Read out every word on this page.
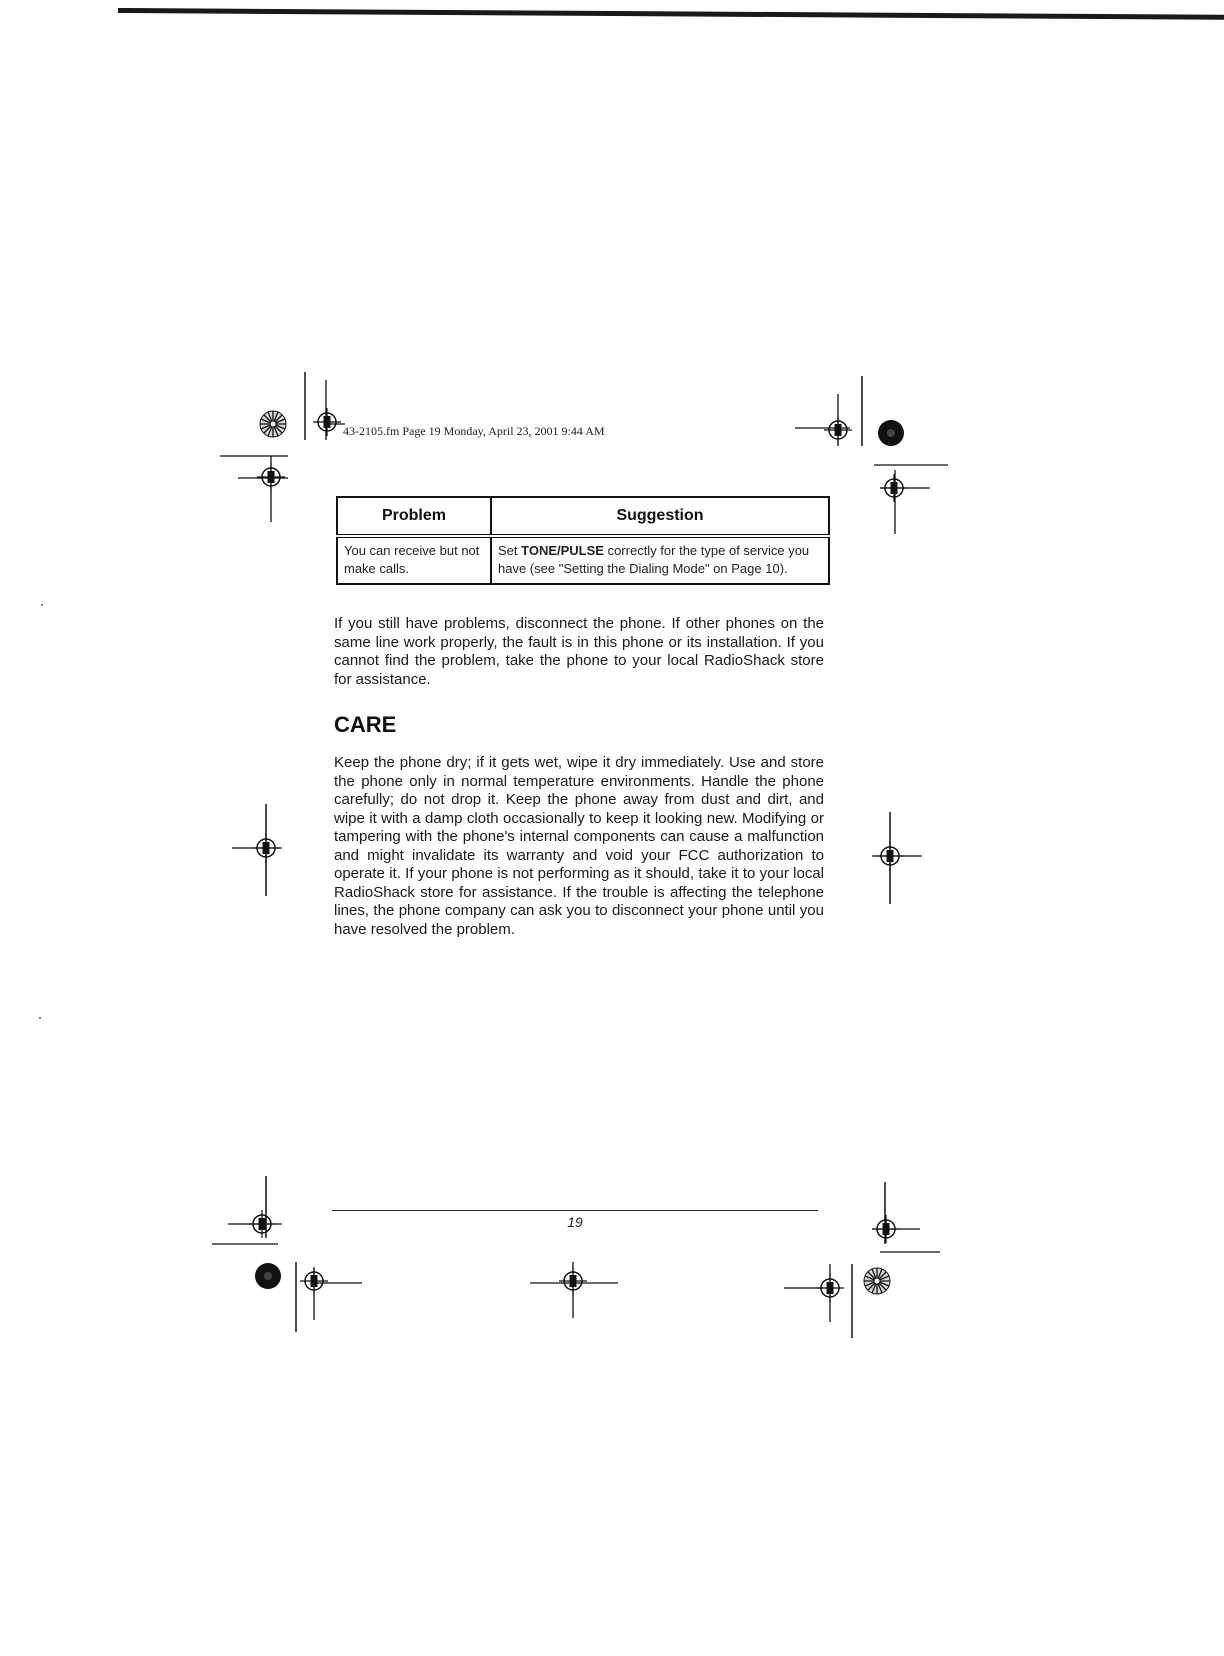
43-2105.fm Page 19 Monday, April 23, 2001 9:44 AM
Problem	Suggestion
You can receive but not make calls.	Set TONE/PULSE correctly for the type of service you have (see "Setting the Dialing Mode" on Page 10).

If you still have problems, disconnect the phone. If other phones on the same line work properly, the fault is in this phone or its installation. If you cannot find the problem, take the phone to your local RadioShack store for assistance.

CARE

Keep the phone dry; if it gets wet, wipe it dry immediately. Use and store the phone only in normal temperature environments. Handle the phone carefully; do not drop it. Keep the phone away from dust and dirt, and wipe it with a damp cloth occasionally to keep it looking new. Modifying or tampering with the phone's internal components can cause a malfunction and might invalidate its warranty and void your FCC authorization to operate it. If your phone is not performing as it should, take it to your local RadioShack store for assistance. If the trouble is affecting the telephone lines, the phone company can ask you to disconnect your phone until you have resolved the problem.

19
